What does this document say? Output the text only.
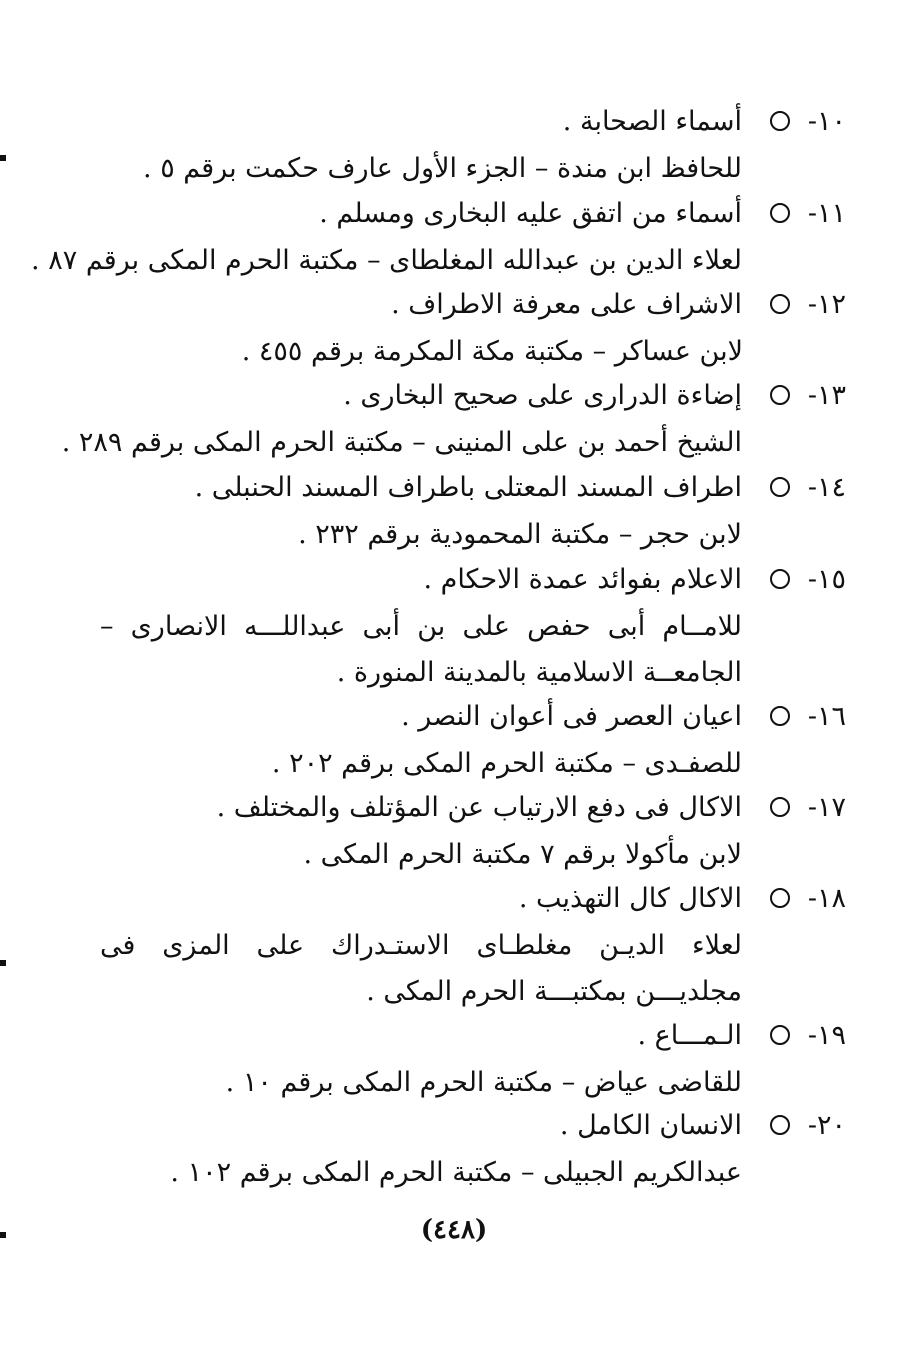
١٠-
أسماء الصحابة .
للحافظ ابن مندة – الجزء الأول عارف حكمت برقم ٥ .
١١-
أسماء من اتفق عليه البخارى ومسلم .
لعلاء الدين بن عبدالله المغلطاى – مكتبة الحرم المكى برقم ٨٧ .
١٢-
الاشراف على معرفة الاطراف .
لابن عساكر – مكتبة مكة المكرمة برقم ٤٥٥ .
١٣-
إضاءة الدرارى على صحيح البخارى .
الشيخ أحمد بن على المنينى – مكتبة الحرم المكى برقم ٢٨٩ .
١٤-
اطراف المسند المعتلى باطراف المسند الحنبلى .
لابن حجر – مكتبة المحمودية برقم ٢٣٢ .
١٥-
الاعلام بفوائد عمدة الاحكام .
للامــام أبى حفص على بن أبى عبداللـــه الانصارى – الجامعــة الاسلامية بالمدينة المنورة .
١٦-
اعيان العصر فى أعوان النصر .
للصفـدى – مكتبة الحرم المكى برقم ٢٠٢ .
١٧-
الاكال فى دفع الارتياب عن المؤتلف والمختلف .
لابن مأكولا برقم ٧ مكتبة الحرم المكى .
١٨-
الاكال كال التهذيب .
لعلاء الديـن مغلطـاى الاستـدراك على المزى فى مجلديـــن بمكتبـــة الحرم المكى .
١٩-
الـمـــاع .
للقاضى عياض – مكتبة الحرم المكى برقم ١٠ .
٢٠-
الانسان الكامل .
عبدالكريم الجبيلى – مكتبة الحرم المكى برقم ١٠٢ .
(٤٤٨)
